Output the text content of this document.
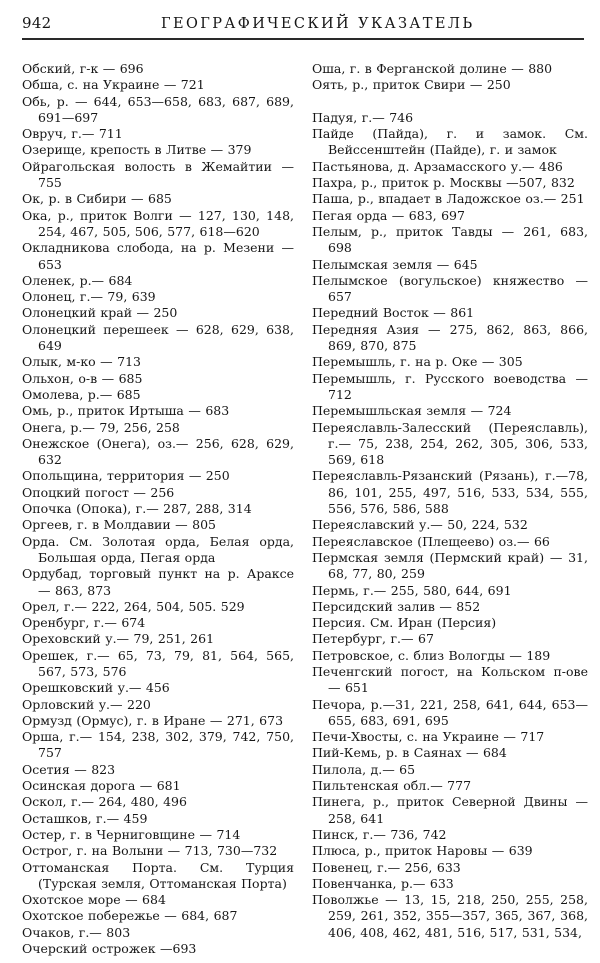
942	ГЕОГРАФИЧЕСКИЙ УКАЗАТЕЛЬ
Обский, г-к — 696
Обша, с. на Украине — 721
Обь, р. — 644, 653—658, 683, 687, 689, 691—697
Овруч, г.— 711
Озерище, крепость в Литве — 379
Ойрагольская волость в Жемайтии —755
Ок, р. в Сибири — 685
Ока, р., приток Волги — 127, 130, 148, 254, 467, 505, 506, 577, 618—620
Окладникова слобода, на р. Мезени — 653
Оленек, р.— 684
Олонец, г.— 79, 639
Олонецкий край — 250
Олонецкий перешеек — 628, 629, 638, 649
Олык, м-ко — 713
Ольхон, о-в — 685
Омолева, р.— 685
Омь, р., приток Иртыша — 683
Онега, р.— 79, 256, 258
Онежское (Онега), оз.— 256, 628, 629, 632
Опольщина, территория — 250
Опоцкий погост — 256
Опочка (Опока), г.— 287, 288, 314
Оргеев, г. в Молдавии — 805
Орда. См. Золотая орда, Белая орда, Большая орда, Пегая орда
Ордубад, торговый пункт на р. Араксе — 863, 873
Орел, г.— 222, 264, 504, 505. 529
Оренбург, г.— 674
Ореховский у.— 79, 251, 261
Орешек, г.— 65, 73, 79, 81, 564, 565, 567, 573, 576
Орешковский у.— 456
Орловский у.— 220
Ормузд (Ормус), г. в Иране — 271, 673
Орша, г.— 154, 238, 302, 379, 742, 750, 757
Осетия — 823
Осинская дорога — 681
Оскол, г.— 264, 480, 496
Осташков, г.— 459
Остер, г. в Черниговщине — 714
Острог, г. на Волыни — 713, 730—732
Оттоманская Порта. См. Турция (Турская земля, Оттоманская Порта)
Охотское море — 684
Охотское побережье — 684, 687
Очаков, г.— 803
Очерский острожек —693
Оша, г. в Ферганской долине — 880
Оять, р., приток Свири — 250
Падуя, г.— 746
Пайде (Пайда), г. и замок. См. Вейссенштейн (Пайде), г. и замок
Пастьянова, д. Арзамасского у.— 486
Пахра, р., приток р. Москвы —507, 832
Паша, р., впадает в Ладожское оз.— 251
Пегая орда — 683, 697
Пелым, р., приток Тавды — 261, 683, 698
Пелымская земля — 645
Пелымское (вогульское) княжество —657
Передний Восток — 861
Передняя Азия — 275, 862, 863, 866, 869, 870, 875
Перемышль, г. на р. Оке — 305
Перемышль, г. Русского воеводства — 712
Перемышльская земля — 724
Переяславль-Залесский (Переяславль), г.— 75, 238, 254, 262, 305, 306, 533, 569, 618
Переяславль-Рязанский (Рязань), г.—78, 86, 101, 255, 497, 516, 533, 534, 555, 556, 576, 586, 588
Переяславский у.— 50, 224, 532
Переяславское (Плещеево) оз.— 66
Пермская земля (Пермский край) — 31, 68, 77, 80, 259
Пермь, г.— 255, 580, 644, 691
Персидский залив — 852
Персия. См. Иран (Персия)
Петербург, г.— 67
Петровское, с. близ Вологды — 189
Печенгский погост, на Кольском п-ове — 651
Печора, р.—31, 221, 258, 641, 644, 653—655, 683, 691, 695
Печи-Хвосты, с. на Украине — 717
Пий-Кемь, р. в Саянах — 684
Пилола, д.— 65
Пильтенская обл.— 777
Пинега, р., приток Северной Двины — 258, 641
Пинск, г.— 736, 742
Плюса, р., приток Наровы — 639
Повенец, г.— 256, 633
Повенчанка, р.— 633
Поволжье — 13, 15, 218, 250, 255, 258, 259, 261, 352, 355—357, 365, 367, 368, 406, 408, 462, 481, 516, 517, 531, 534,
